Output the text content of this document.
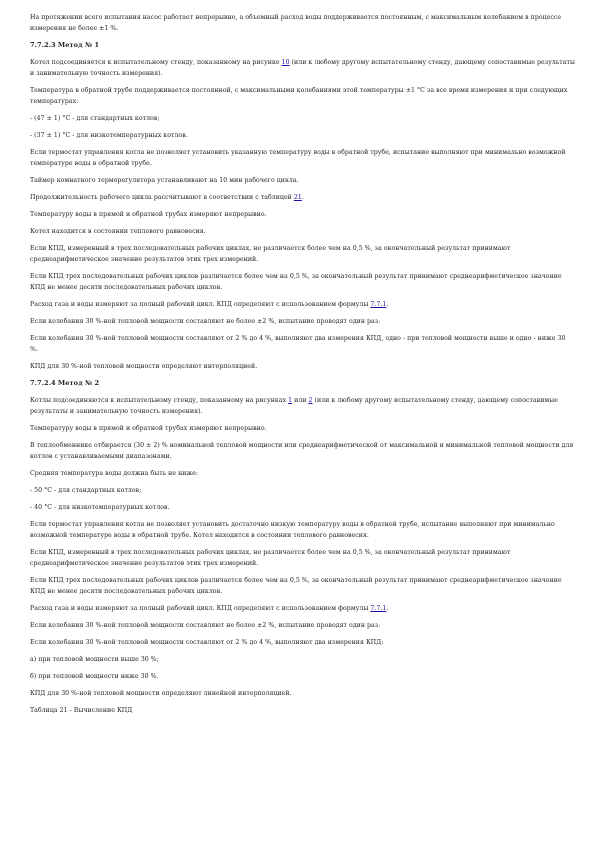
На протяжении всего испытания насос работает непрерывно, а объемный расход воды поддерживается постоянным, с максимальным колебанием в процессе измерения не более ±1 %.

7.7.2.3 Метод № 1

Котел подсоединяется к испытательному стенду, показанному на рисунке 10 (или к любому другому испытательному стенду, дающему сопоставимые результаты и занимательную точность измерения).

Температура в обратной трубе поддерживается постоянной, с максимальными колебаниями этой температуры ±1 °С за все время измерения и при следующих температурах:

- (47 ± 1) °С - для стандартных котлов;

- (37 ± 1) °С - для низкотемпературных котлов.

Если термостат управления котла не позволяет установить указанную температуру воды в обратной трубе, испытание выполняют при минимально возможной температуре воды в обратной трубе.

Таймер комнатного терморегулятора устанавливают на 10 мин рабочего цикла.

Продолжительность рабочего цикла рассчитывают в соответствии с таблицей 21.

Температуру воды в прямой и обратной трубах измеряют непрерывно.

Котел находится в состоянии теплового равновесия.

Если КПД, измеренный в трех последовательных рабочих циклах, не различается более чем на 0,5 %, за окончательный результат принимают среднеарифметическое значение результатов этих трех измерений.

Если КПД трех последовательных рабочих циклов различается более чем на 0,5 %, за окончательный результат принимают среднеарифметическое значение КПД не менее десяти последовательных рабочих циклов.

Расход газа и воды измеряют за полный рабочий цикл. КПД определяют с использованием формулы 7.7.1.

Если колебания 30 %-ной тепловой мощности составляют не более ±2 %, испытание проводят один раз.

Если колебания 30 %-ной тепловой мощности составляют от 2 % до 4 %, выполняют два измерения КПД, одно - при тепловой мощности выше и одно - ниже 30 %.

КПД для 30 %-ной тепловой мощности определяют интерполяцией.

7.7.2.4 Метод № 2

Котлы подсоединяются к испытательному стенду, показанному на рисунках 1 или 2 (или к любому другому испытательному стенду, дающему сопоставимые результаты и занимательную точность измерения).

Температуру воды в прямой и обратной трубах измеряют непрерывно.

В теплообменнике отбирается (30 ± 2) % номинальной тепловой мощности или среднеарифметической от максимальной и минимальной тепловой мощности для котлов с устанавливаемыми диапазонами.

Средняя температура воды должна быть не ниже:

- 50 °С - для стандартных котлов;

- 40 °С - для низкотемпературных котлов.

Если термостат управления котла не позволяет установить достаточно низкую температуру воды в обратной трубе, испытание выполняют при минимально возможной температуре воды в обратной трубе. Котел находится в состоянии теплового равновесия.

Если КПД, измеренный в трех последовательных рабочих циклах, не различается более чем на 0,5 %, за окончательный результат принимают среднеарифметическое значение результатов этих трех измерений.

Если КПД трех последовательных рабочих циклов различается более чем на 0,5 %, за окончательный результат принимают среднеарифметическое значение КПД не менее десяти последовательных рабочих циклов.

Расход газа и воды измеряют за полный рабочий цикл. КПД определяют с использованием формулы 7.7.1.

Если колебания 30 %-ной тепловой мощности составляют не более ±2 %, испытание проводят один раз.

Если колебания 30 %-ной тепловой мощности составляют от 2 % до 4 %, выполняют два измерения КПД:

а) при тепловой мощности выше 30 %;

б) при тепловой мощности ниже 30 %.

КПД для 30 %-ной тепловой мощности определяют линейной интерполяцией.

Таблица 21 - Вычисление КПД
